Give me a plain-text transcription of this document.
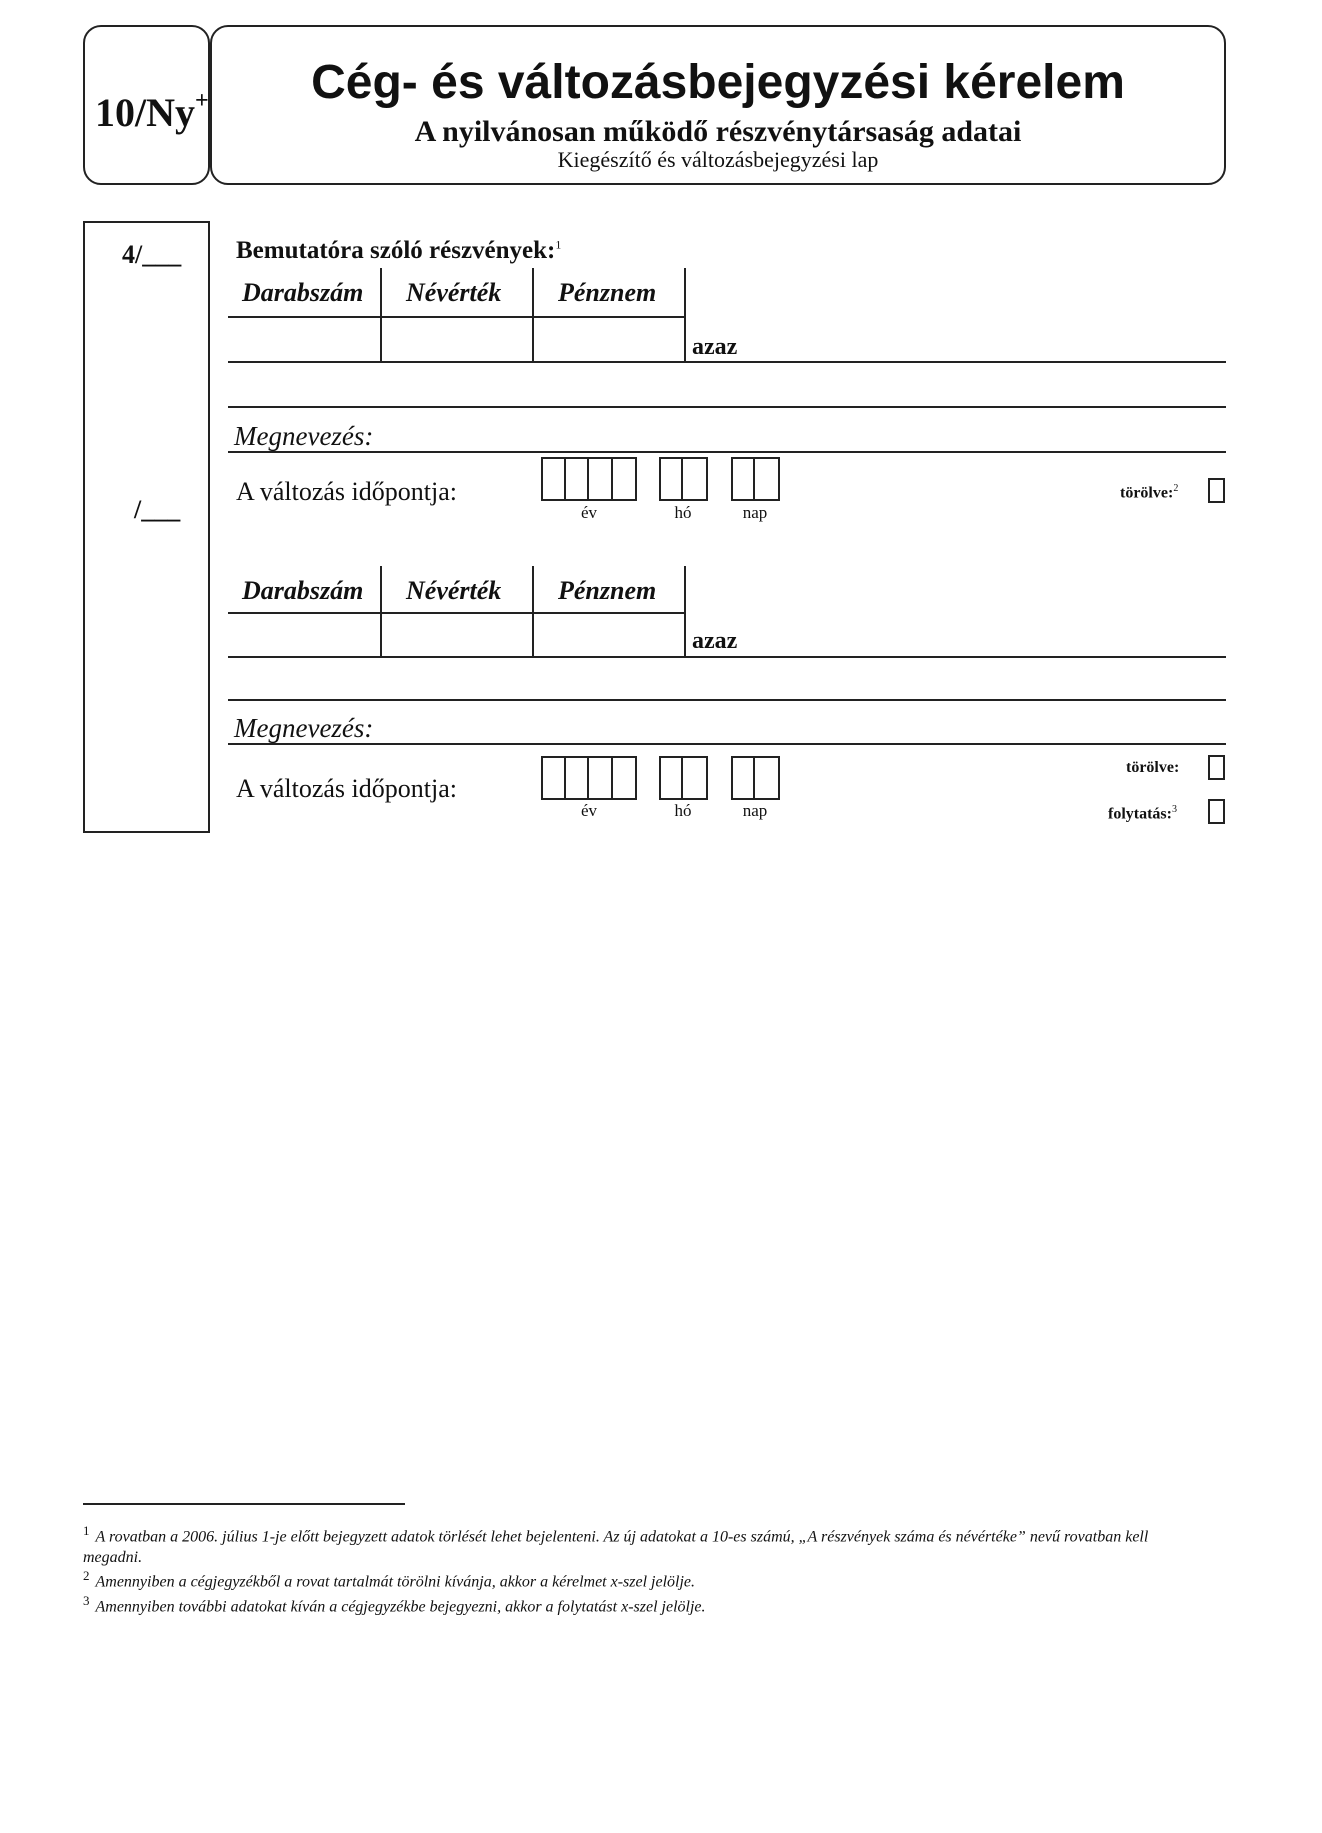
10/Ny+	Cég- és változásbejegyzési kérelem
A nyilvánosan működő részvénytársaság adatai
Kiegészítő és változásbejegyzési lap
4/___
/___
Bemutatóra szóló részvények:$^1$
Darabszám Névérték Pénznem
azaz
Megnevezés:
A változás időpontja:
év	hó	nap
törölve:$^2$
Darabszám Névérték Pénznem
azaz
Megnevezés:
A változás időpontja:
év	hó	nap
törölve:
folytatás:$^3$
$^1$ A rovatban a 2006. július 1-je előtt bejegyzett adatok törlését lehet bejelenteni. Az új adatokat a 10-es számú, „A részvények száma és névértéke” nevű rovatban kell megadni.
$^2$ Amennyiben a cégjegyzékből a rovat tartalmát törölni kívánja, akkor a kérelmet x-szel jelölje.
$^3$ Amennyiben további adatokat kíván a cégjegyzékbe bejegyezni, akkor a folytatást x-szel jelölje.
